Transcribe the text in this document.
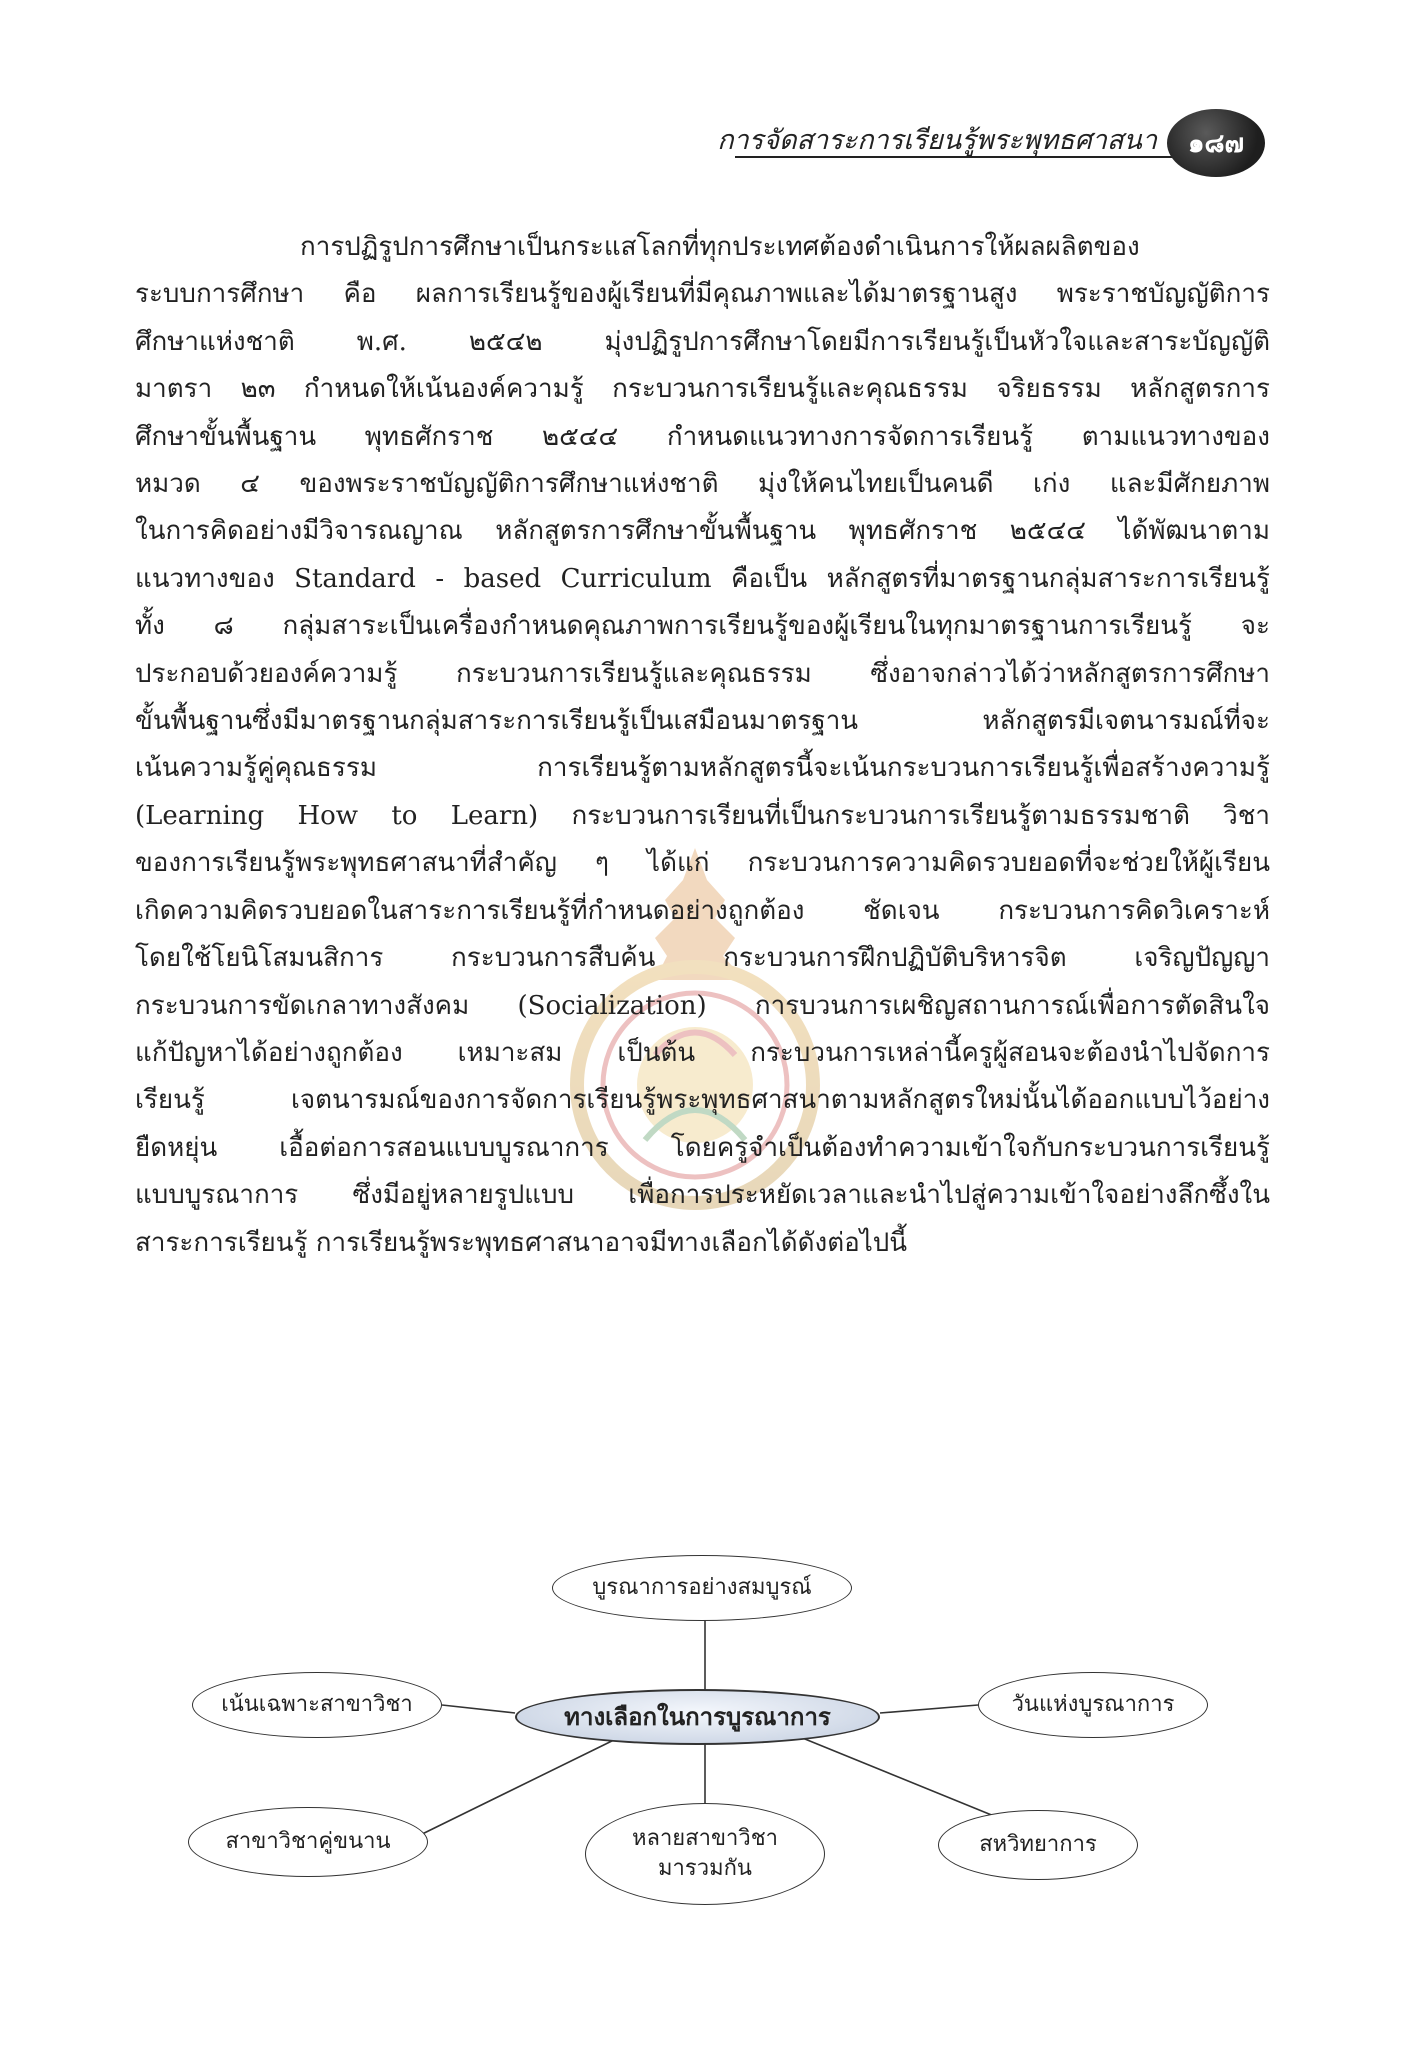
การจัดสาระการเรียนรู้พระพุทธศาสนา ๑๘๗
การปฏิรูปการศึกษาเป็นกระแสโลกที่ทุกประเทศต้องดำเนินการให้ผลผลิตของ
ระบบการศึกษา คือ ผลการเรียนรู้ของผู้เรียนที่มีคุณภาพและได้มาตรฐานสูง พระราชบัญญัติการ
ศึกษาแห่งชาติ พ.ศ. ๒๕๔๒ มุ่งปฏิรูปการศึกษาโดยมีการเรียนรู้เป็นหัวใจและสาระบัญญัติ
มาตรา ๒๓ กำหนดให้เน้นองค์ความรู้ กระบวนการเรียนรู้และคุณธรรม จริยธรรม หลักสูตรการ
ศึกษาขั้นพื้นฐาน พุทธศักราช ๒๕๔๔ กำหนดแนวทางการจัดการเรียนรู้ ตามแนวทางของ
หมวด ๔ ของพระราชบัญญัติการศึกษาแห่งชาติ มุ่งให้คนไทยเป็นคนดี เก่ง และมีศักยภาพ
ในการคิดอย่างมีวิจารณญาณ หลักสูตรการศึกษาขั้นพื้นฐาน พุทธศักราช ๒๕๔๔ ได้พัฒนาตาม
แนวทางของ Standard - based Curriculum คือเป็น หลักสูตรที่มาตรฐานกลุ่มสาระการเรียนรู้
ทั้ง ๘ กลุ่มสาระเป็นเครื่องกำหนดคุณภาพการเรียนรู้ของผู้เรียนในทุกมาตรฐานการเรียนรู้ จะ
ประกอบด้วยองค์ความรู้ กระบวนการเรียนรู้และคุณธรรม ซึ่งอาจกล่าวได้ว่าหลักสูตรการศึกษา
ขั้นพื้นฐานซึ่งมีมาตรฐานกลุ่มสาระการเรียนรู้เป็นเสมือนมาตรฐาน หลักสูตรมีเจตนารมณ์ที่จะ
เน้นความรู้คู่คุณธรรม การเรียนรู้ตามหลักสูตรนี้จะเน้นกระบวนการเรียนรู้เพื่อสร้างความรู้
(Learning How to Learn) กระบวนการเรียนที่เป็นกระบวนการเรียนรู้ตามธรรมชาติ วิชา
ของการเรียนรู้พระพุทธศาสนาที่สำคัญ ๆ ได้แก่ กระบวนการความคิดรวบยอดที่จะช่วยให้ผู้เรียน
เกิดความคิดรวบยอดในสาระการเรียนรู้ที่กำหนดอย่างถูกต้อง ชัดเจน กระบวนการคิดวิเคราะห์
โดยใช้โยนิโสมนสิการ กระบวนการสืบค้น กระบวนการฝึกปฏิบัติบริหารจิต เจริญปัญญา
กระบวนการขัดเกลาทางสังคม (Socialization) การบวนการเผชิญสถานการณ์เพื่อการตัดสินใจ
แก้ปัญหาได้อย่างถูกต้อง เหมาะสม เป็นต้น กระบวนการเหล่านี้ครูผู้สอนจะต้องนำไปจัดการ
เรียนรู้ เจตนารมณ์ของการจัดการเรียนรู้พระพุทธศาสนาตามหลักสูตรใหม่นั้นได้ออกแบบไว้อย่าง
ยืดหยุ่น เอื้อต่อการสอนแบบบูรณาการ โดยครูจำเป็นต้องทำความเข้าใจกับกระบวนการเรียนรู้
แบบบูรณาการ ซึ่งมีอยู่หลายรูปแบบ เพื่อการประหยัดเวลาและนำไปสู่ความเข้าใจอย่างลึกซึ้งใน
สาระการเรียนรู้ การเรียนรู้พระพุทธศาสนาอาจมีทางเลือกได้ดังต่อไปนี้
บูรณาการอย่างสมบูรณ์
เน้นเฉพาะสาขาวิชา	ทางเลือกในการบูรณาการ	วันแห่งบูรณาการ
สาขาวิชาคู่ขนาน	หลายสาขาวิชา
มารวมกัน
สหวิทยาการ
